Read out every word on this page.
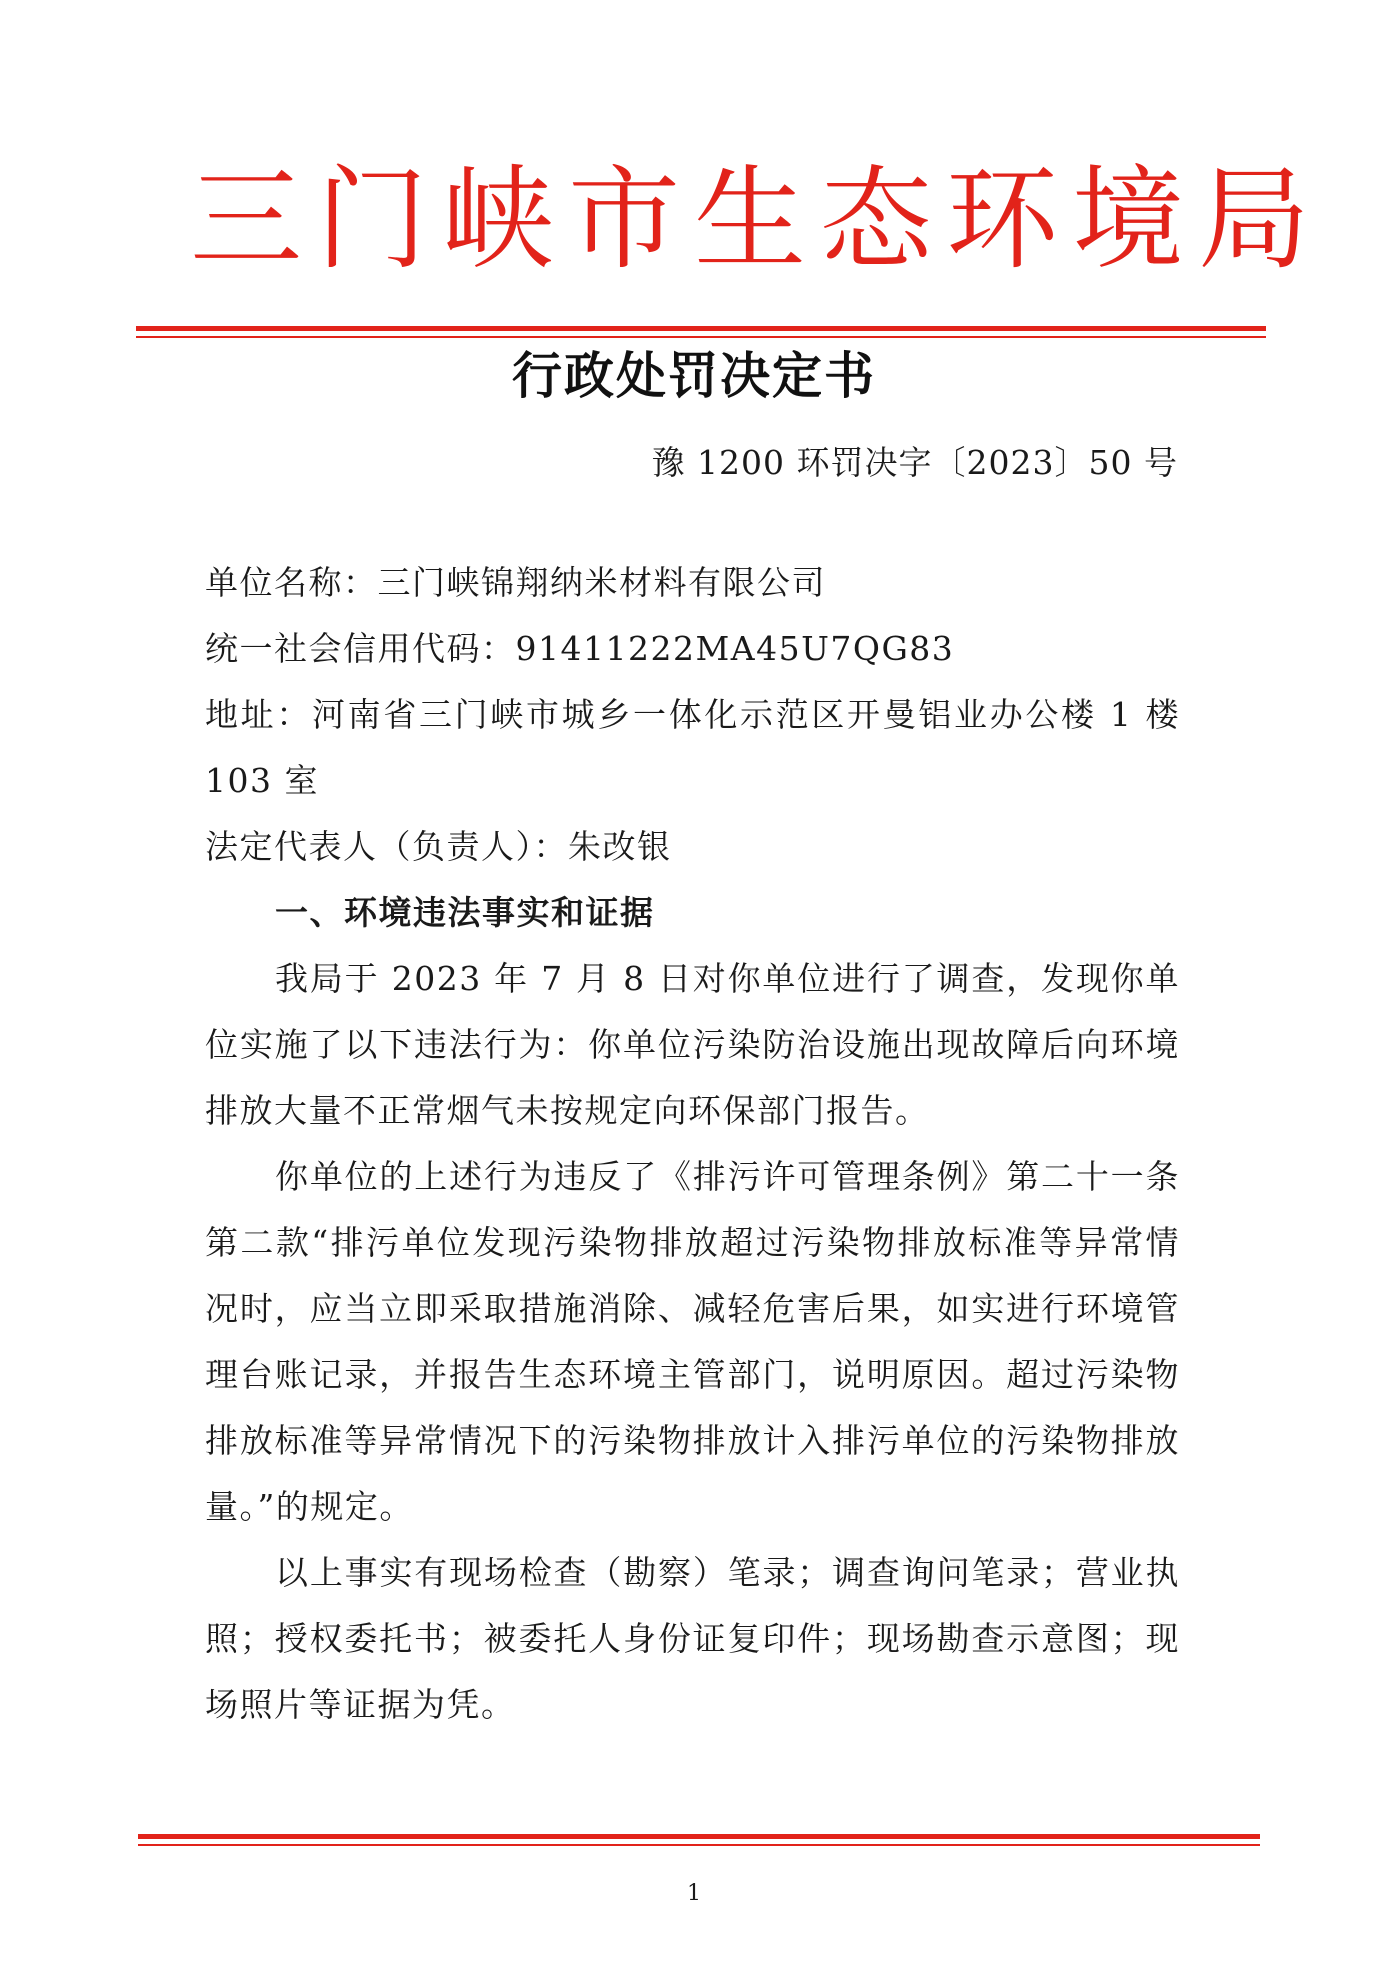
三门峡市生态环境局
行政处罚决定书
豫 1200 环罚决字〔2023〕50 号

单位名称：三门峡锦翔纳米材料有限公司

统一社会信用代码：91411222MA45U7QG83

地址：河南省三门峡市城乡一体化示范区开曼铝业办公楼 1 楼 103 室

法定代表人（负责人）：朱改银

一、环境违法事实和证据

我局于 2023 年 7 月 8 日对你单位进行了调查，发现你单位实施了以下违法行为：你单位污染防治设施出现故障后向环境排放大量不正常烟气未按规定向环保部门报告。

你单位的上述行为违反了《排污许可管理条例》第二十一条第二款“排污单位发现污染物排放超过污染物排放标准等异常情况时，应当立即采取措施消除、减轻危害后果，如实进行环境管理台账记录，并报告生态环境主管部门，说明原因。超过污染物排放标准等异常情况下的污染物排放计入排污单位的污染物排放量。”的规定。

以上事实有现场检查（勘察）笔录；调查询问笔录；营业执照；授权委托书；被委托人身份证复印件；现场勘查示意图；现场照片等证据为凭。

1
